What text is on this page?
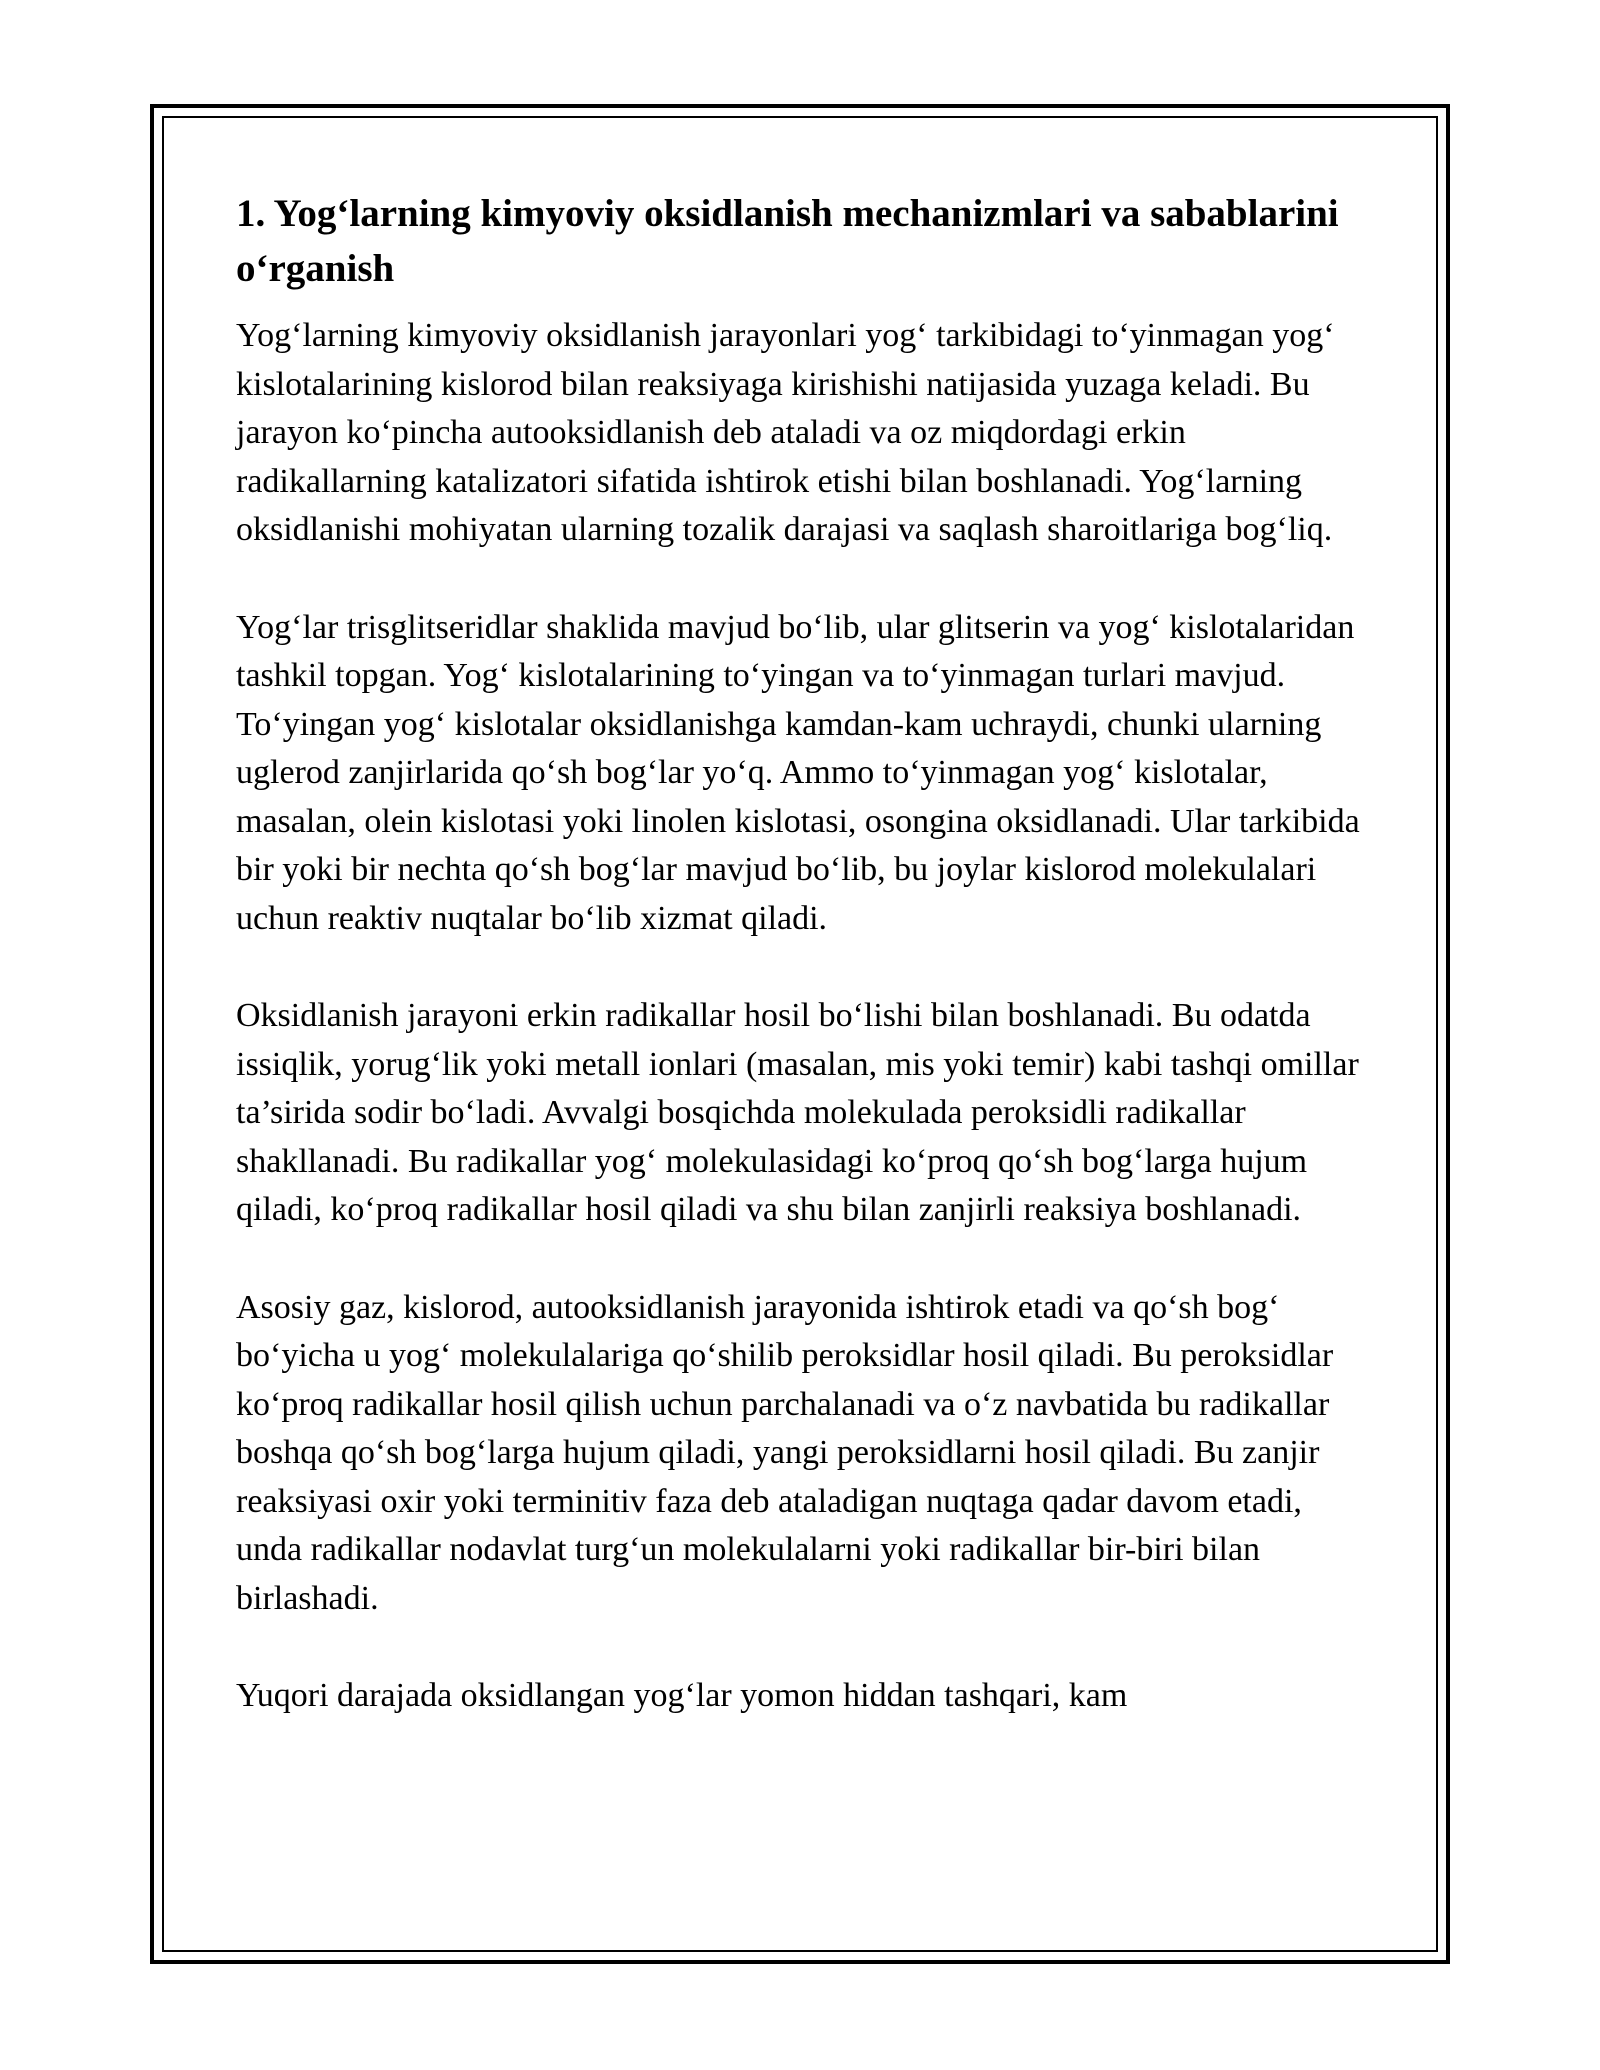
1. Yog‘larning kimyoviy oksidlanish mechanizmlari va sabablarini o‘rganish

Yog‘larning kimyoviy oksidlanish jarayonlari yog‘ tarkibidagi to‘yinmagan yog‘ kislotalarining kislorod bilan reaksiyaga kirishishi natijasida yuzaga keladi. Bu jarayon ko‘pincha autooksidlanish deb ataladi va oz miqdordagi erkin radikallarning katalizatori sifatida ishtirok etishi bilan boshlanadi. Yog‘larning oksidlanishi mohiyatan ularning tozalik darajasi va saqlash sharoitlariga bog‘liq.

Yog‘lar trisglitseridlar shaklida mavjud bo‘lib, ular glitserin va yog‘ kislotalaridan tashkil topgan. Yog‘ kislotalarining to‘yingan va to‘yinmagan turlari mavjud. To‘yingan yog‘ kislotalar oksidlanishga kamdan-kam uchraydi, chunki ularning uglerod zanjirlarida qo‘sh bog‘lar yo‘q. Ammo to‘yinmagan yog‘ kislotalar, masalan, olein kislotasi yoki linolen kislotasi, osongina oksidlanadi. Ular tarkibida bir yoki bir nechta qo‘sh bog‘lar mavjud bo‘lib, bu joylar kislorod molekulalari uchun reaktiv nuqtalar bo‘lib xizmat qiladi.

Oksidlanish jarayoni erkin radikallar hosil bo‘lishi bilan boshlanadi. Bu odatda issiqlik, yorug‘lik yoki metall ionlari (masalan, mis yoki temir) kabi tashqi omillar ta’sirida sodir bo‘ladi. Avvalgi bosqichda molekulada peroksidli radikallar shakllanadi. Bu radikallar yog‘ molekulasidagi ko‘proq qo‘sh bog‘larga hujum qiladi, ko‘proq radikallar hosil qiladi va shu bilan zanjirli reaksiya boshlanadi.

Asosiy gaz, kislorod, autooksidlanish jarayonida ishtirok etadi va qo‘sh bog‘ bo‘yicha u yog‘ molekulalariga qo‘shilib peroksidlar hosil qiladi. Bu peroksidlar ko‘proq radikallar hosil qilish uchun parchalanadi va o‘z navbatida bu radikallar boshqa qo‘sh bog‘larga hujum qiladi, yangi peroksidlarni hosil qiladi. Bu zanjir reaksiyasi oxir yoki terminitiv faza deb ataladigan nuqtaga qadar davom etadi, unda radikallar nodavlat turg‘un molekulalarni yoki radikallar bir-biri bilan birlashadi.

Yuqori darajada oksidlangan yog‘lar yomon hiddan tashqari, kam
